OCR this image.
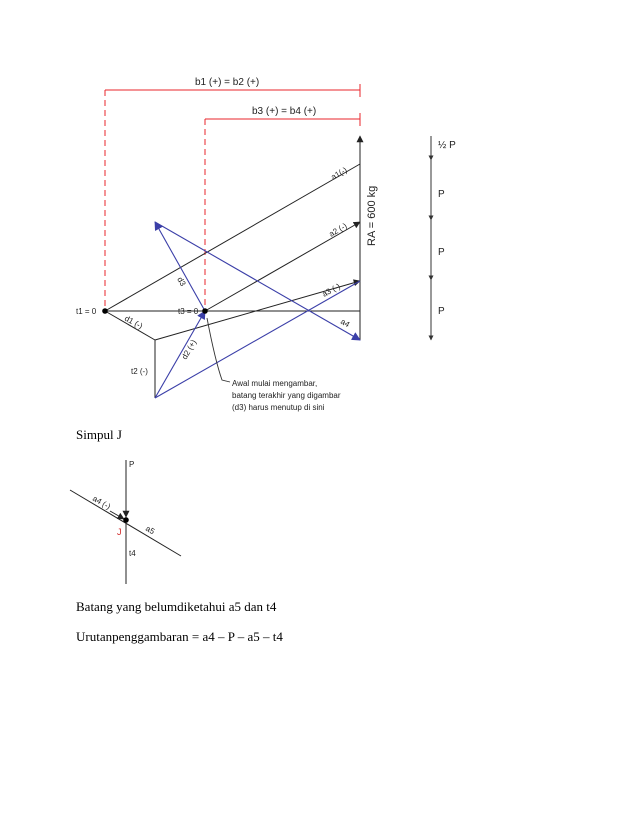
b1 (+) = b2 (+)
b3 (+) = b4 (+)
RA = 600 kg
a1(-)
a2 (-)
a3 (-)
a4
t1 = 0	t3 = 0
d1 (-)
d2 (+)
d3
t2 (-)
Awal mulai mengambar,
batang terakhir yang digambar
(d3) harus menutup di sini
½ P
P
P
P
P
a4 (-)
J	a5
t4
Simpul J
Batang yang belumdiketahui a5 dan t4
Urutanpenggambaran = a4 – P – a5 – t4
